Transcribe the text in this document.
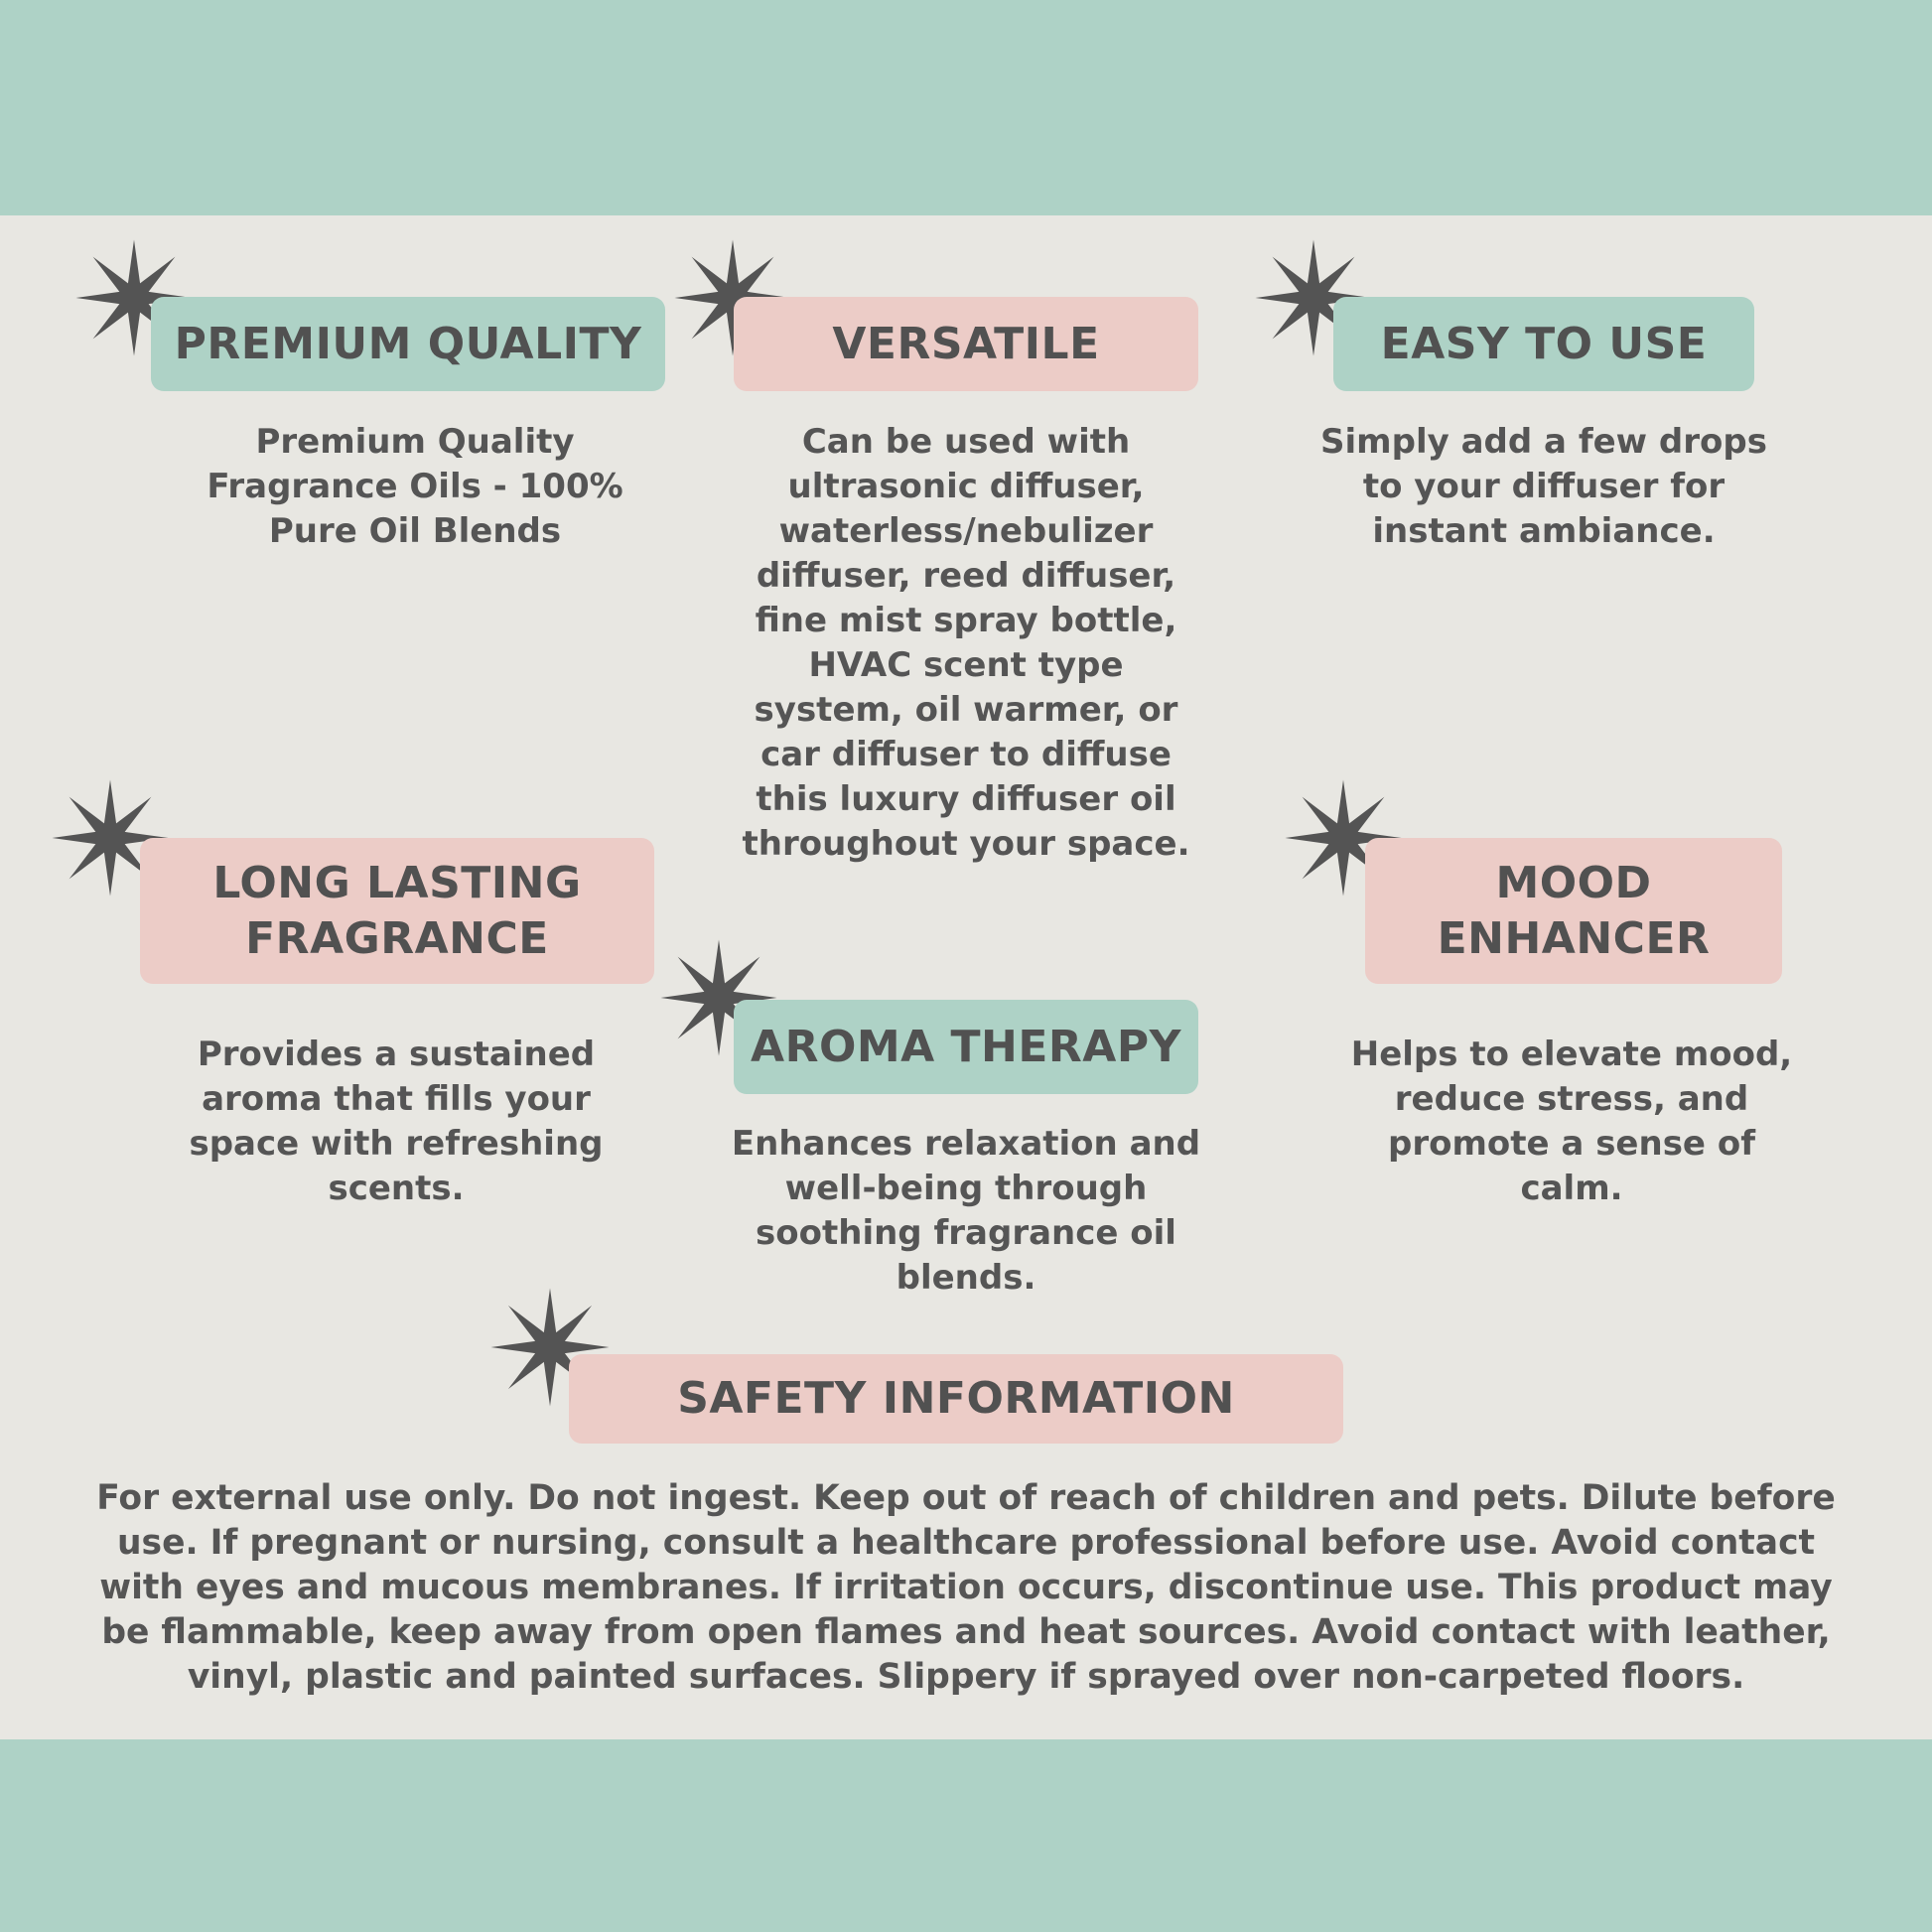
PREMIUM QUALITY
Premium Quality
Fragrance Oils - 100%
Pure Oil Blends
VERSATILE
Can be used with
ultrasonic diffuser,
waterless/nebulizer
diffuser, reed diffuser,
fine mist spray bottle,
HVAC scent type
system, oil warmer, or
car diffuser to diffuse
this luxury diffuser oil
throughout your space.
EASY TO USE
Simply add a few drops
to your diffuser for
instant ambiance.
LONG LASTING
FRAGRANCE
Provides a sustained
aroma that fills your
space with refreshing
scents.
AROMA THERAPY
Enhances relaxation and
well-being through
soothing fragrance oil
blends.
MOOD
ENHANCER
Helps to elevate mood,
reduce stress, and
promote a sense of
calm.
SAFETY INFORMATION
For external use only. Do not ingest. Keep out of reach of children and pets. Dilute before
use. If pregnant or nursing, consult a healthcare professional before use. Avoid contact
with eyes and mucous membranes. If irritation occurs, discontinue use. This product may
be flammable, keep away from open flames and heat sources. Avoid contact with leather,
vinyl, plastic and painted surfaces. Slippery if sprayed over non-carpeted floors.
